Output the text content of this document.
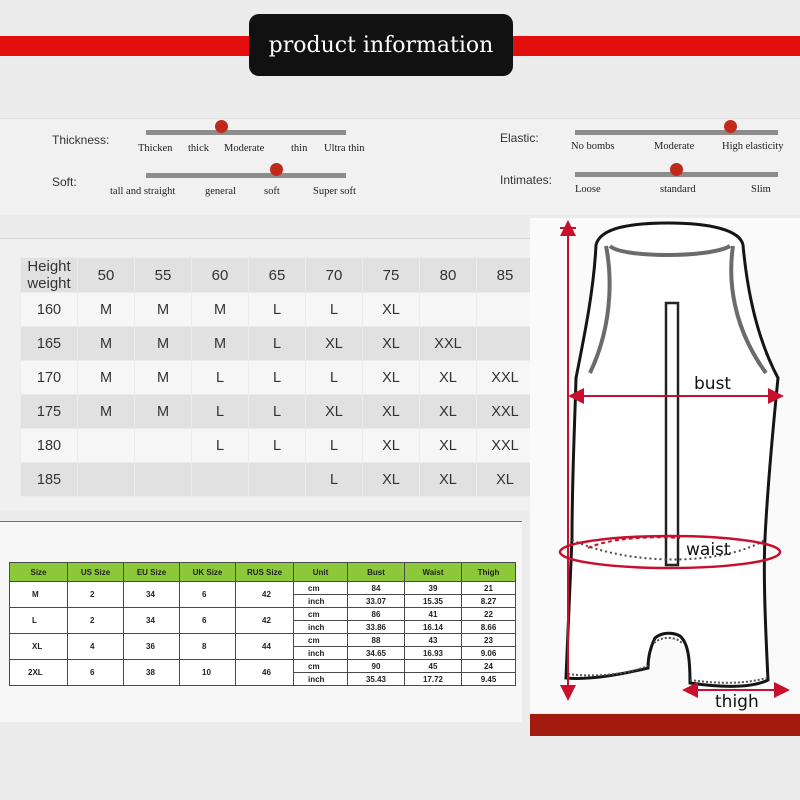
product information
Thickness:
Thicken thick Moderate	thin Ultra thin
Soft:
tall and straight	general	soft	Super soft
Elastic:
No bombs	Moderate	High elasticity
Intimates:
Loose	standard	Slim
Height
weight	50	55	60	65	70	75	80	85
160	M	M	M	L	L	XL		
165	M	M	M	L	XL	XL	XXL	
170	M	M	L	L	L	XL	XL	XXL
175	M	M	L	L	XL	XL	XL	XXL
180			L	L	L	XL	XL	XXL
185					L	XL	XL	XL
Size	US Size	EU Size	UK Size	RUS Size	Unit	Bust	Waist	Thigh
M	2	34	6	42	cm	84	39	21
					inch	33.07	15.35	8.27
L	2	34	6	42	cm	86	41	22
					inch	33.86	16.14	8.66
XL	4	36	8	44	cm	88	43	23
					inch	34.65	16.93	9.06
2XL	6	38	10	46	cm	90	45	24
					inch	35.43	17.72	9.45
bust
waist
thigh
